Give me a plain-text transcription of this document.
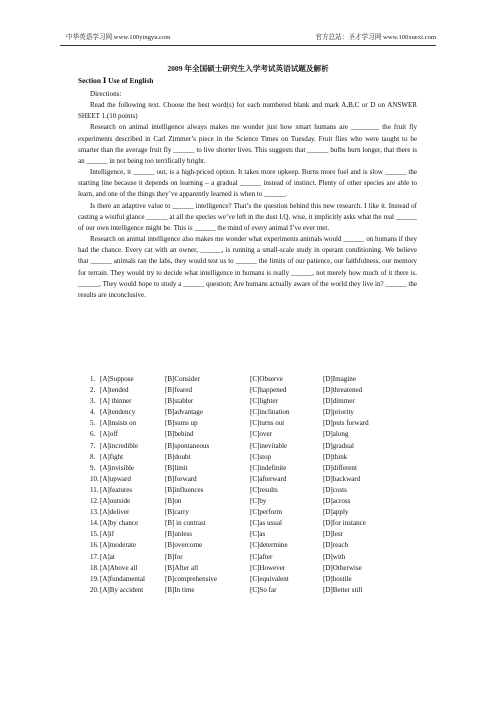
中华英语学习网 www.100yingyu.com	官方总站：圣才学习网 www.100xuexi.com
2009 年全国硕士研究生入学考试英语试题及解析
Section Ⅰ Use of English

Directions:

Read the following text. Choose the best word(s) for each numbered blank and mark A,B,C or D on ANSWER SHEET 1.(10 points)

Research on animal intelligence always makes me wonder just how smart humans are ________ the fruit fly experiments described in Carl Zimmer’s piece in the Science Times on Tuesday. Fruit flies who were taught to be smarter than the average fruit fly ______ to live shorter lives. This suggests that ______ bulbs burn longer, that there is an ______ in not being too terrifically bright.

Intelligence, it ______ out, is a high-priced option. It takes more upkeep. Burns more fuel and is slow ______ the starting line because it depends on learning – a gradual ______ instead of instinct. Plenty of other species are able to learn, and one of the things they’ve apparently learned is when to ______.

Is there an adaptive value to ______ intelligence? That’s the question behind this new research. I like it. Instead of casting a wistful glance ______ at all the species we’ve left in the dust I.Q. wise, it implicitly asks what the real ______ of our own intelligence might be. This is ______ the mind of every animal I’ve ever met.

Research on animal intelligence also makes me wonder what experiments animals would ______ on humans if they had the chance. Every cat with an owner, ______, is running a small-scale study in operant conditioning. We believe that ______ animals ran the labs, they would test us to ______ the limits of our patience, our faithfulness, our memory for terrain. They would try to decide what intelligence in humans is really ______, not merely how much of it there is. ______, They would hope to study a ______ question; Are humans actually aware of the world they live in? ______ the results are inconclusive.

1. [A]Suppose	[B]Consider	[C]Observe	[D]Imagine
2. [A]tended	[B]feared	[C]happened	[D]threatened
3. [A] thinner	[B]stabler	[C]lighter	[D]dimmer
4. [A]tendency	[B]advantage	[C]inclination	[D]priority
5. [A]insists on	[B]sums up	[C]turns out	[D]puts forward
6. [A]off	[B]behind	[C]over	[D]along
7. [A]incredible	[B]spontaneous	[C]inevitable	[D]gradual
8. [A]fight	[B]doubt	[C]stop	[D]think
9. [A]invisible	[B]limit	[C]indefinite	[D]different
10. [A]upward	[B]forward	[C]afterward	[D]backward
11. [A]features	[B]influences	[C]results	[D]costs
12. [A]outside	[B]on	[C]by	[D]across
13. [A]deliver	[B]carry	[C]perform	[D]apply
14. [A]by chance	[B] in contrast	[C]as usual	[D]for instance
15. [A]if	[B]unless	[C]as	[D]lest
16. [A]moderate	[B]overcome	[C]determine	[D]reach
17. [A]at	[B]for	[C]after	[D]with
18. [A]Above all	[B]After all	[C]However	[D]Otherwise
19. [A]fundamental	[B]comprehensive	[C]equivalent	[D]hostile
20. [A]By accident	[B]In time	[C]So far	[D]Better still
